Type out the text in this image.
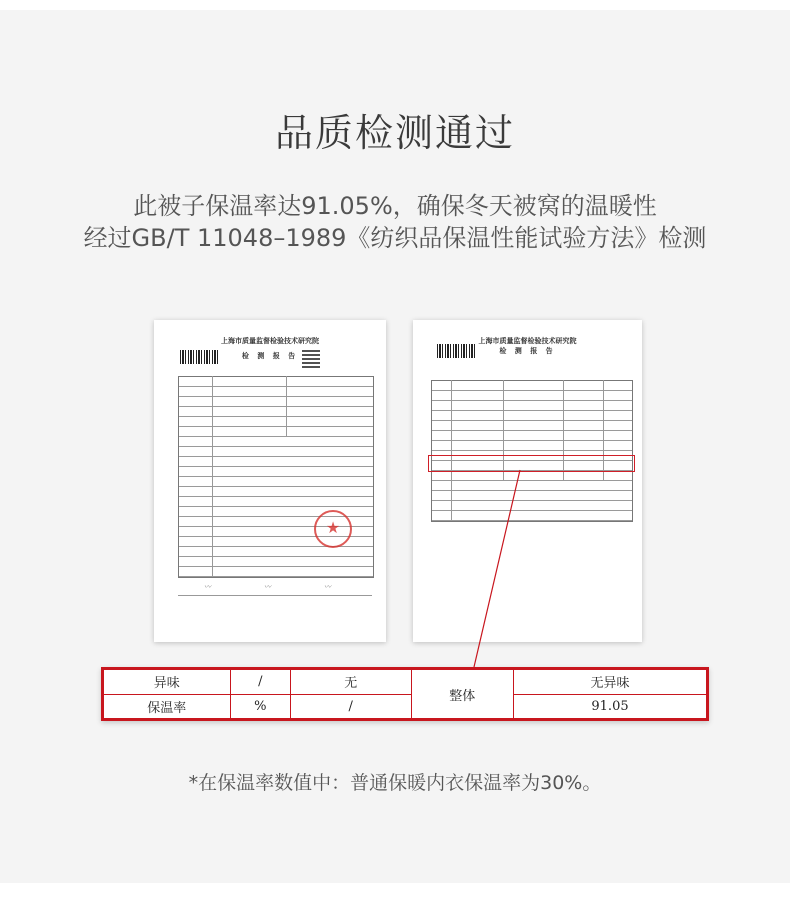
品质检测通过
此被子保温率达91.05%，确保冬天被窝的温暖性
经过GB/T 11048–1989《纺织品保温性能试验方法》检测
上海市质量监督检验技术研究院
检 测 报 告
★
〰	〰	〰
上海市质量监督检验技术研究院
检 测 报 告
异味	/	无	整体	无异味
保温率	%	/		91.05
*在保温率数值中：普通保暖内衣保温率为30%。
